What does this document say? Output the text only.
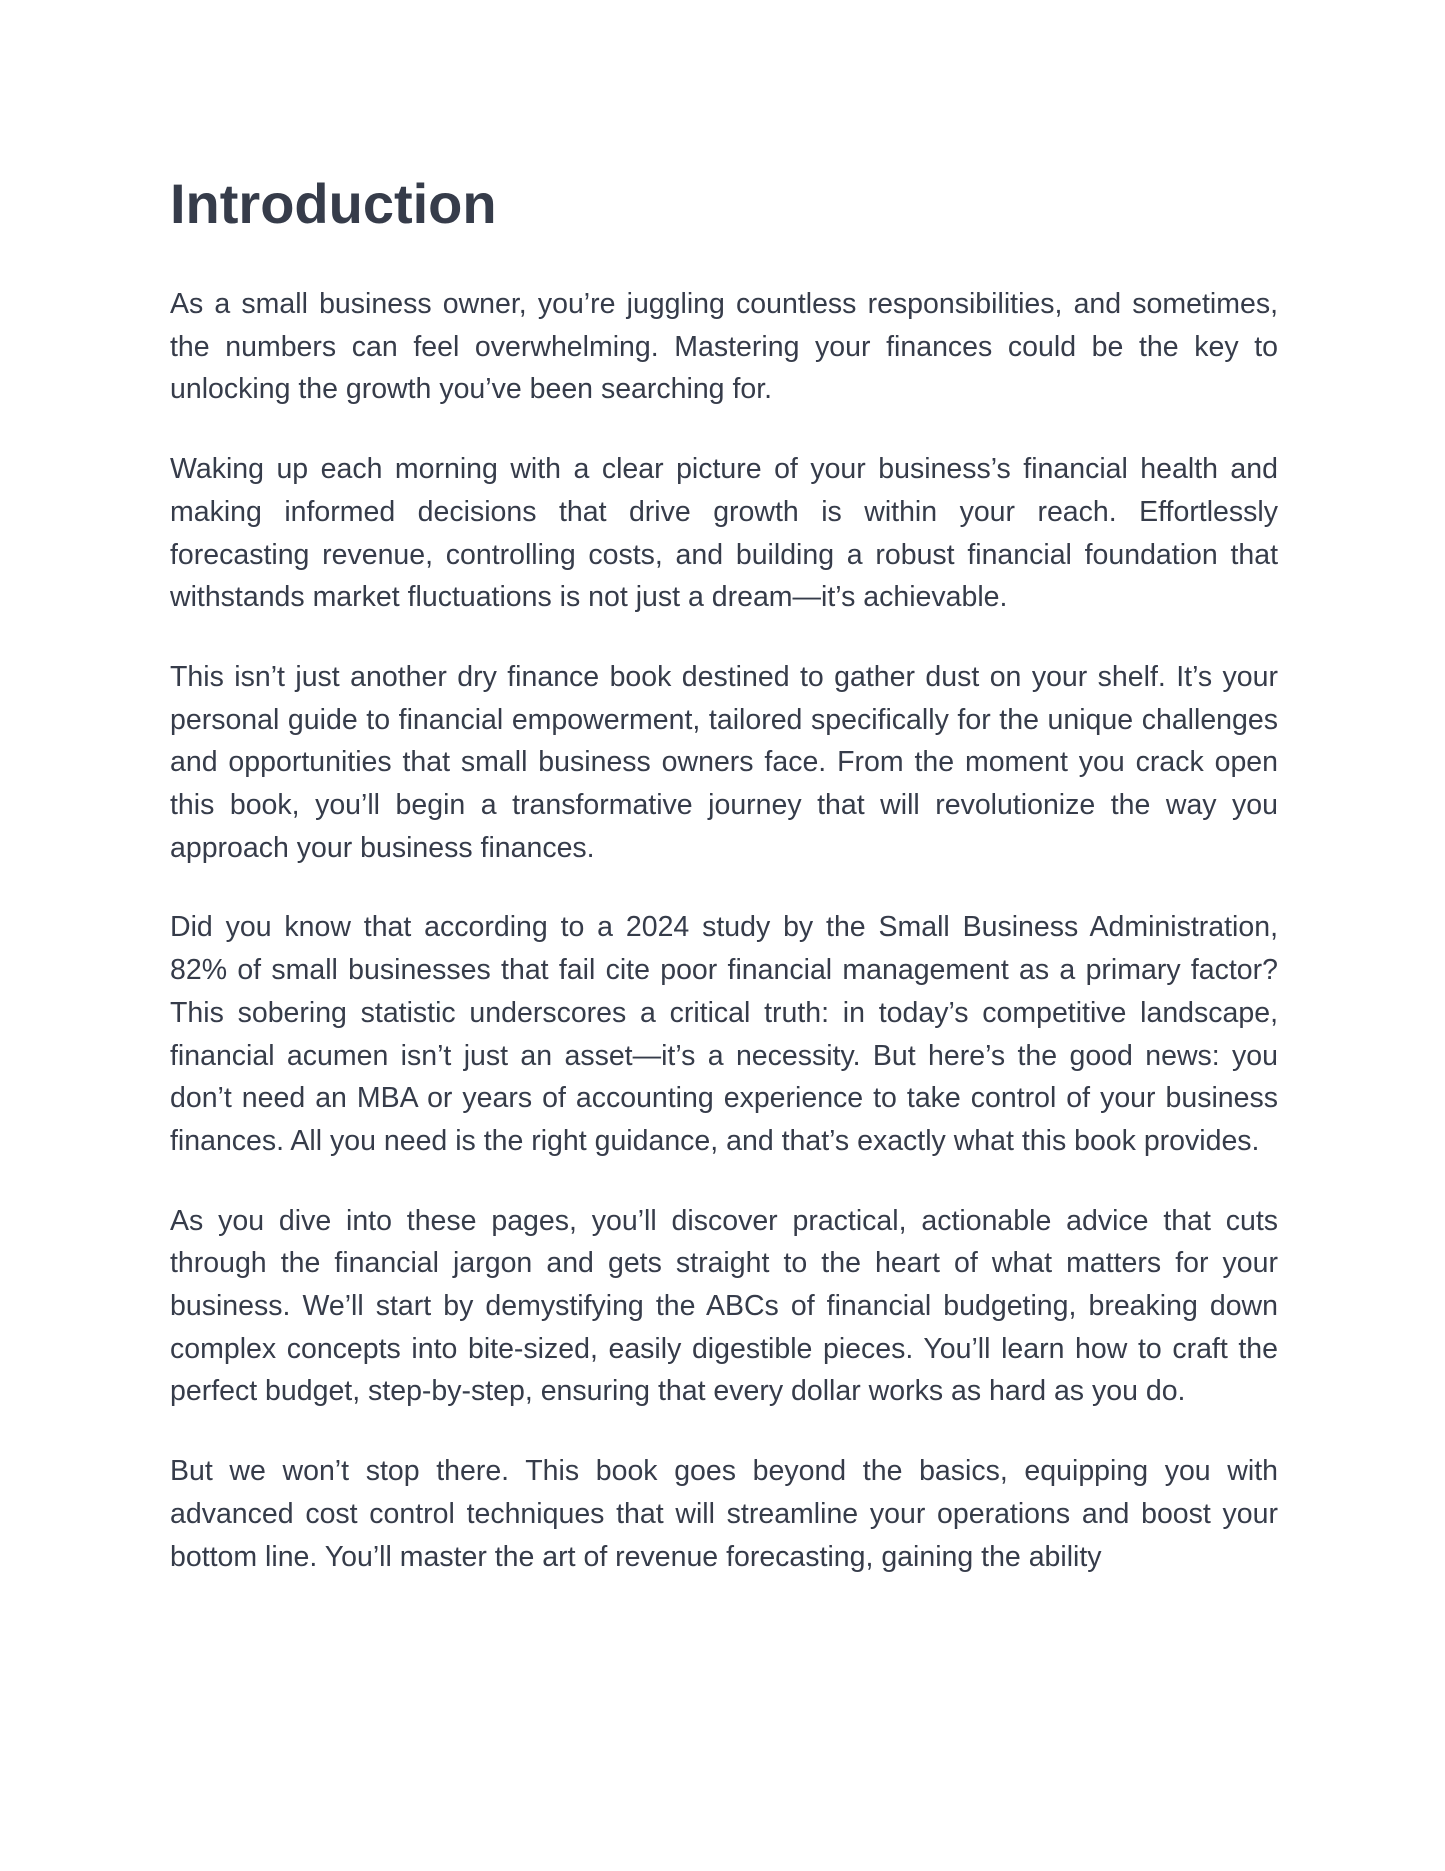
Introduction

As a small business owner, you’re juggling countless responsibilities, and sometimes, the numbers can feel overwhelming. Mastering your finances could be the key to unlocking the growth you’ve been searching for.

Waking up each morning with a clear picture of your business’s financial health and making informed decisions that drive growth is within your reach. Effortlessly forecasting revenue, controlling costs, and building a robust financial foundation that withstands market fluctuations is not just a dream—it’s achievable.

This isn’t just another dry finance book destined to gather dust on your shelf. It’s your personal guide to financial empowerment, tailored specifically for the unique challenges and opportunities that small business owners face. From the moment you crack open this book, you’ll begin a transformative journey that will revolutionize the way you approach your business finances.

Did you know that according to a 2024 study by the Small Business Administration, 82% of small businesses that fail cite poor financial management as a primary factor? This sobering statistic underscores a critical truth: in today’s competitive landscape, financial acumen isn’t just an asset—it’s a necessity. But here’s the good news: you don’t need an MBA or years of accounting experience to take control of your business finances. All you need is the right guidance, and that’s exactly what this book provides.

As you dive into these pages, you’ll discover practical, actionable advice that cuts through the financial jargon and gets straight to the heart of what matters for your business. We’ll start by demystifying the ABCs of financial budgeting, breaking down complex concepts into bite-sized, easily digestible pieces. You’ll learn how to craft the perfect budget, step-by-step, ensuring that every dollar works as hard as you do.

But we won’t stop there. This book goes beyond the basics, equipping you with advanced cost control techniques that will streamline your operations and boost your bottom line. You’ll master the art of revenue forecasting, gaining the ability
